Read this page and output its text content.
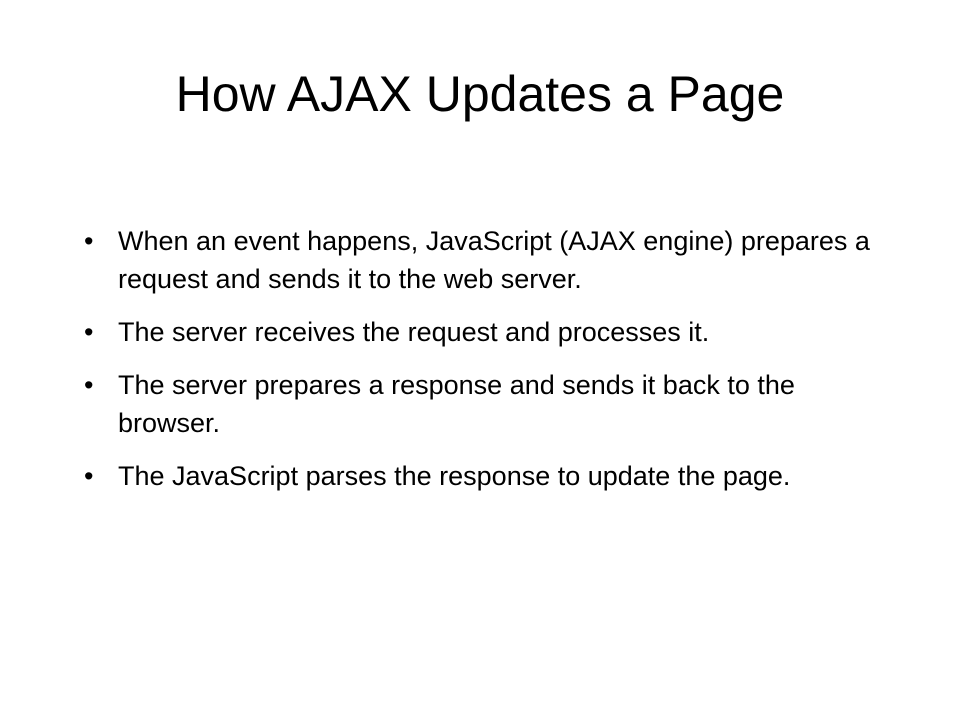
How AJAX Updates a Page
• When an event happens, JavaScript (AJAX engine) prepares a request and sends it to the web server.
• The server receives the request and processes it.
• The server prepares a response and sends it back to the browser.
• The JavaScript parses the response to update the page.
